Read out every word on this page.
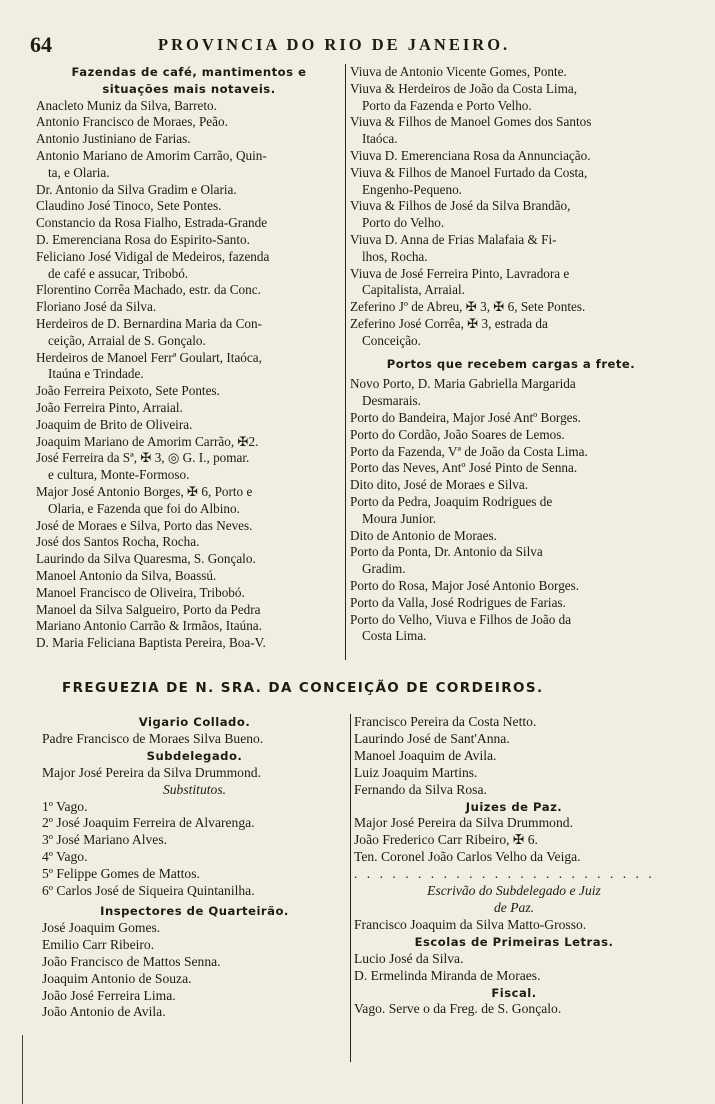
64	PROVINCIA DO RIO DE JANEIRO.
Fazendas de café, mantimentos e
situações mais notaveis.

Anacleto Muniz da Silva, Barreto.

Antonio Francisco de Moraes, Peão.

Antonio Justiniano de Farias.

Antonio Mariano de Amorim Carrão, Quin-

ta, e Olaria.

Dr. Antonio da Silva Gradim e Olaria.

Claudino José Tinoco, Sete Pontes.

Constancio da Rosa Fialho, Estrada-Grande

D. Emerenciana Rosa do Espirito-Santo.

Feliciano José Vidigal de Medeiros, fazenda

de café e assucar, Tribobó.

Florentino Corrêa Machado, estr. da Conc.

Floriano José da Silva.

Herdeiros de D. Bernardina Maria da Con-

ceição, Arraial de S. Gonçalo.

Herdeiros de Manoel Ferrª Goulart, Itaóca,

Itaúna e Trindade.

João Ferreira Peixoto, Sete Pontes.

João Ferreira Pinto, Arraial.

Joaquim de Brito de Oliveira.

Joaquim Mariano de Amorim Carrão, ✠2.

José Ferreira da Sª, ✠ 3, ◎ G. I., pomar.

e cultura, Monte-Formoso.

Major José Antonio Borges, ✠ 6, Porto e

Olaria, e Fazenda que foi do Albino.

José de Moraes e Silva, Porto das Neves.

José dos Santos Rocha, Rocha.

Laurindo da Silva Quaresma, S. Gonçalo.

Manoel Antonio da Silva, Boassú.

Manoel Francisco de Oliveira, Tribobó.

Manoel da Silva Salgueiro, Porto da Pedra

Mariano Antonio Carrão & Irmãos, Itaúna.

D. Maria Feliciana Baptista Pereira, Boa-V.

Viuva de Antonio Vicente Gomes, Ponte.

Viuva & Herdeiros de João da Costa Lima,

Porto da Fazenda e Porto Velho.

Viuva & Filhos de Manoel Gomes dos Santos

Itaóca.

Viuva D. Emerenciana Rosa da Annunciação.

Viuva & Filhos de Manoel Furtado da Costa,

Engenho-Pequeno.

Viuva & Filhos de José da Silva Brandão,

Porto do Velho.

Viuva D. Anna de Frias Malafaia & Fi-

lhos, Rocha.

Viuva de José Ferreira Pinto, Lavradora e

Capitalista, Arraial.

Zeferino Jº de Abreu, ✠ 3, ✠ 6, Sete Pontes.

Zeferino José Corrêa, ✠ 3, estrada da

Conceição.

Portos que recebem cargas a frete.

Novo Porto, D. Maria Gabriella Margarida

Desmarais.

Porto do Bandeira, Major José Antº Borges.

Porto do Cordão, João Soares de Lemos.

Porto da Fazenda, Vª de João da Costa Lima.

Porto das Neves, Antº José Pinto de Senna.

Dito dito, José de Moraes e Silva.

Porto da Pedra, Joaquim Rodrigues de

Moura Junior.

Dito de Antonio de Moraes.

Porto da Ponta, Dr. Antonio da Silva

Gradim.

Porto do Rosa, Major José Antonio Borges.

Porto da Valla, José Rodrigues de Farias.

Porto do Velho, Viuva e Filhos de João da

Costa Lima.

FREGUEZIA DE N. SRA. DA CONCEIÇÃO DE CORDEIROS.
Vigario Collado.

Padre Francisco de Moraes Silva Bueno.

Subdelegado.

Major José Pereira da Silva Drummond.

Substitutos.

1º Vago.

2º José Joaquim Ferreira de Alvarenga.

3º José Mariano Alves.

4º Vago.

5º Felippe Gomes de Mattos.

6º Carlos José de Siqueira Quintanilha.

Inspectores de Quarteirão.

José Joaquim Gomes.

Emilio Carr Ribeiro.

João Francisco de Mattos Senna.

Joaquim Antonio de Souza.

João José Ferreira Lima.

João Antonio de Avila.

Francisco Pereira da Costa Netto.

Laurindo José de Sant'Anna.

Manoel Joaquim de Avila.

Luiz Joaquim Martins.

Fernando da Silva Rosa.

Juizes de Paz.

Major José Pereira da Silva Drummond.

João Frederico Carr Ribeiro, ✠ 6.

Ten. Coronel João Carlos Velho da Veiga.

. . . . . . . . . . . . . . . . . . . . . . . .

Escrivão do Subdelegado e Juiz
de Paz.

Francisco Joaquim da Silva Matto-Grosso.

Escolas de Primeiras Letras.

Lucio José da Silva.

D. Ermelinda Miranda de Moraes.

Fiscal.

Vago. Serve o da Freg. de S. Gonçalo.
